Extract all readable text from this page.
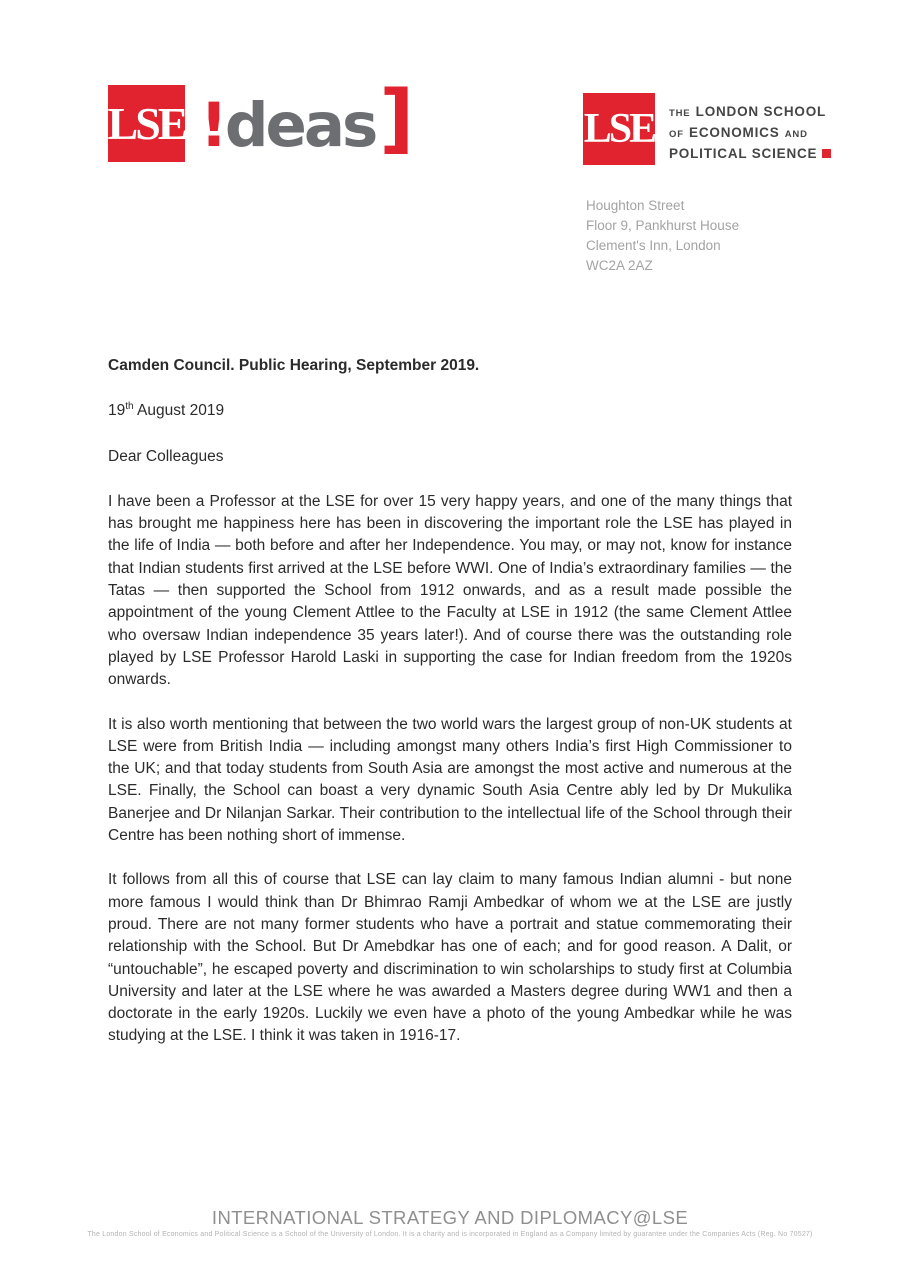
LSE !deas]	LSE THE LONDON SCHOOL
OF ECONOMICS AND
POLITICAL SCIENCE
Houghton Street
Floor 9, Pankhurst House
Clement's Inn, London
WC2A 2AZ
Camden Council. Public Hearing, September 2019.
19th August 2019
Dear Colleagues

I have been a Professor at the LSE for over 15 very happy years, and one of the many things that has brought me happiness here has been in discovering the important role the LSE has played in the life of India — both before and after her Independence. You may, or may not, know for instance that Indian students first arrived at the LSE before WWI. One of India’s extraordinary families — the Tatas — then supported the School from 1912 onwards, and as a result made possible the appointment of the young Clement Attlee to the Faculty at LSE in 1912 (the same Clement Attlee who oversaw Indian independence 35 years later!). And of course there was the outstanding role played by LSE Professor Harold Laski in supporting the case for Indian freedom from the 1920s onwards.

It is also worth mentioning that between the two world wars the largest group of non-UK students at LSE were from British India — including amongst many others India’s first High Commissioner to the UK; and that today students from South Asia are amongst the most active and numerous at the LSE. Finally, the School can boast a very dynamic South Asia Centre ably led by Dr Mukulika Banerjee and Dr Nilanjan Sarkar. Their contribution to the intellectual life of the School through their Centre has been nothing short of immense.

It follows from all this of course that LSE can lay claim to many famous Indian alumni - but none more famous I would think than Dr Bhimrao Ramji Ambedkar of whom we at the LSE are justly proud. There are not many former students who have a portrait and statue commemorating their relationship with the School. But Dr Amebdkar has one of each; and for good reason. A Dalit, or “untouchable”, he escaped poverty and discrimination to win scholarships to study first at Columbia University and later at the LSE where he was awarded a Masters degree during WW1 and then a doctorate in the early 1920s. Luckily we even have a photo of the young Ambedkar while he was studying at the LSE. I think it was taken in 1916-17.

INTERNATIONAL STRATEGY AND DIPLOMACY@LSE
The London School of Economics and Political Science is a School of the University of London. It is a charity and is incorporated in England as a Company limited by guarantee under the Companies Acts (Reg. No 70527)
